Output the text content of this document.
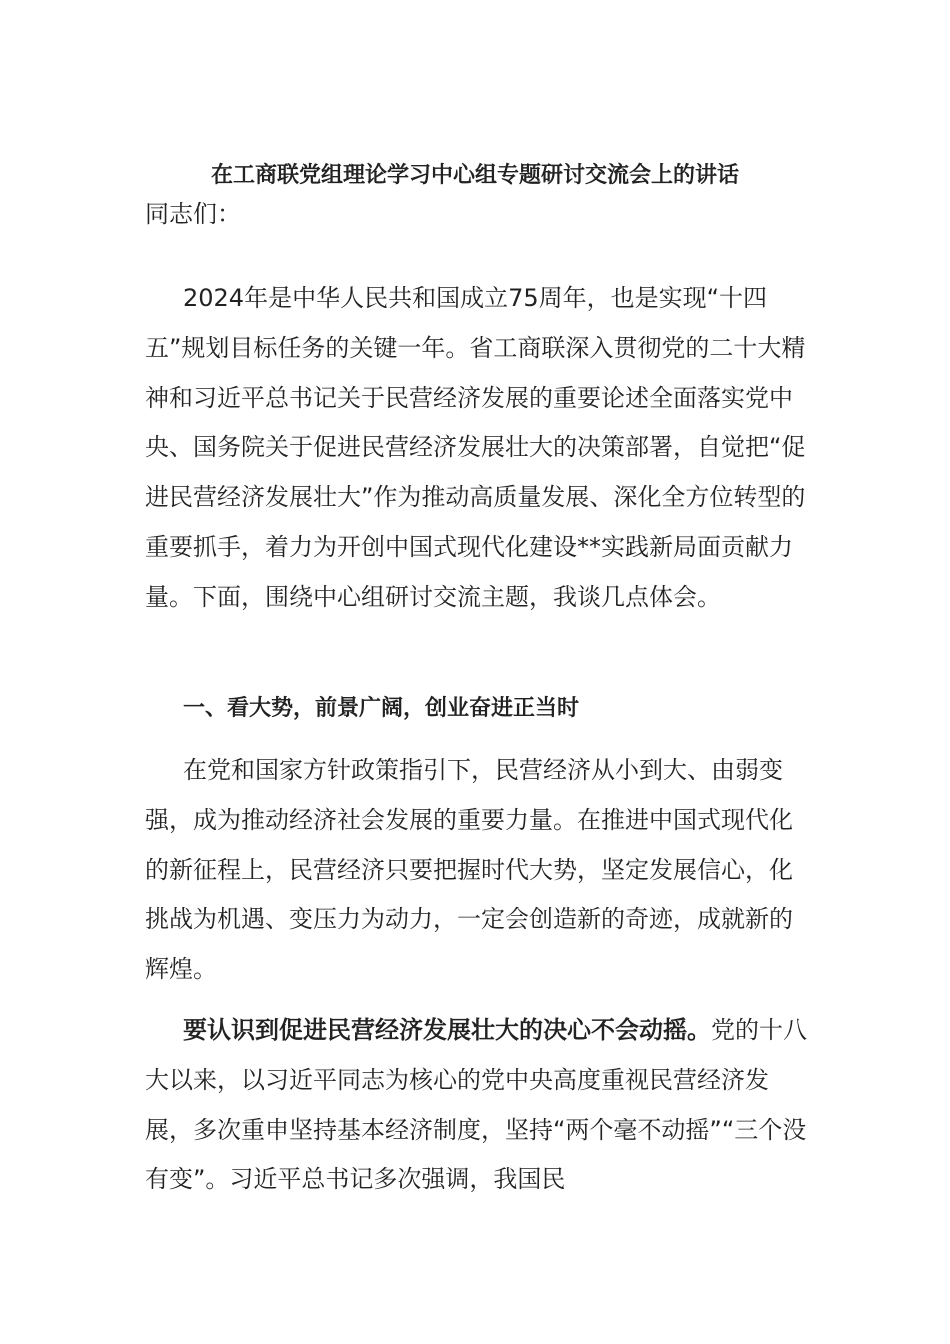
在工商联党组理论学习中心组专题研讨交流会上的讲话
同志们：
2024年是中华人民共和国成立75周年，也是实现“十四五”规划目标任务的关键一年。省工商联深入贯彻党的二十大精神和习近平总书记关于民营经济发展的重要论述全面落实党中央、国务院关于促进民营经济发展壮大的决策部署，自觉把“促进民营经济发展壮大”作为推动高质量发展、深化全方位转型的重要抓手，着力为开创中国式现代化建设**实践新局面贡献力量。下面，围绕中心组研讨交流主题，我谈几点体会。
一、看大势，前景广阔，创业奋进正当时
在党和国家方针政策指引下，民营经济从小到大、由弱变强，成为推动经济社会发展的重要力量。在推进中国式现代化的新征程上，民营经济只要把握时代大势，坚定发展信心，化挑战为机遇、变压力为动力，一定会创造新的奇迹，成就新的辉煌。
要认识到促进民营经济发展壮大的决心不会动摇。党的十八大以来，以习近平同志为核心的党中央高度重视民营经济发展，多次重申坚持基本经济制度，坚持“两个毫不动摇”“三个没有变”。习近平总书记多次强调，我国民
